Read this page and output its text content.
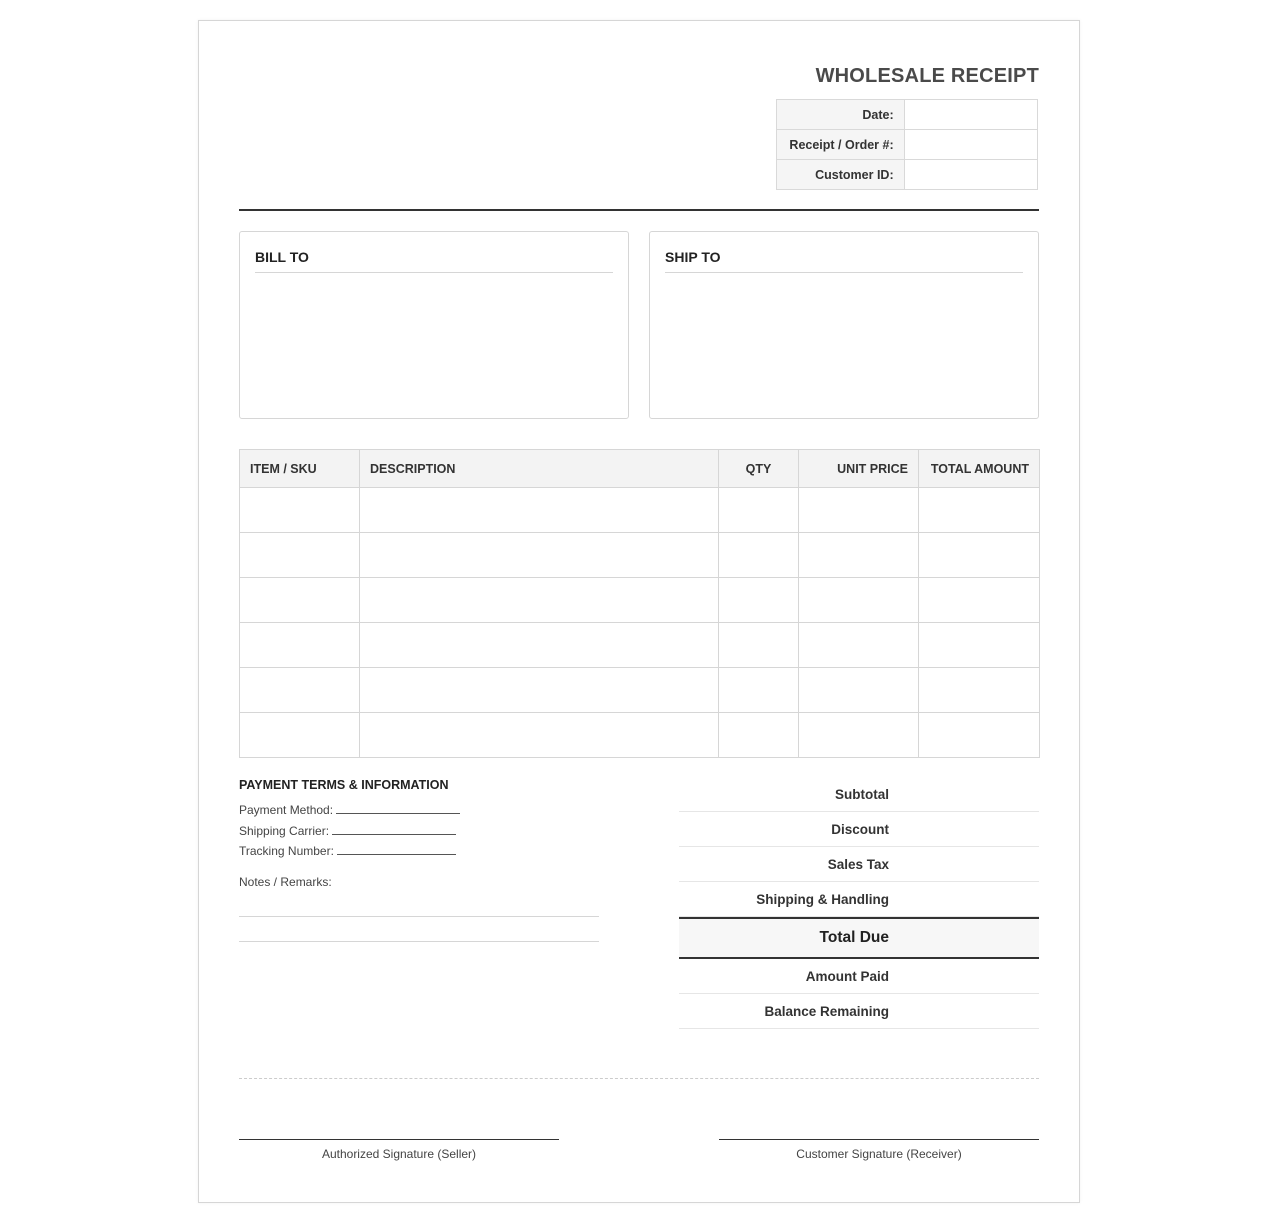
WHOLESALE RECEIPT
Date:	
Receipt / Order #:	
Customer ID:	
BILL TO	SHIP TO
ITEM / SKU	DESCRIPTION	QTY	UNIT PRICE	TOTAL AMOUNT

PAYMENT TERMS & INFORMATION
Payment Method:
Shipping Carrier:
Tracking Number:
Notes / Remarks:
Subtotal
Discount
Sales Tax
Shipping & Handling
Total Due
Amount Paid
Balance Remaining
Authorized Signature (Seller)	Customer Signature (Receiver)
